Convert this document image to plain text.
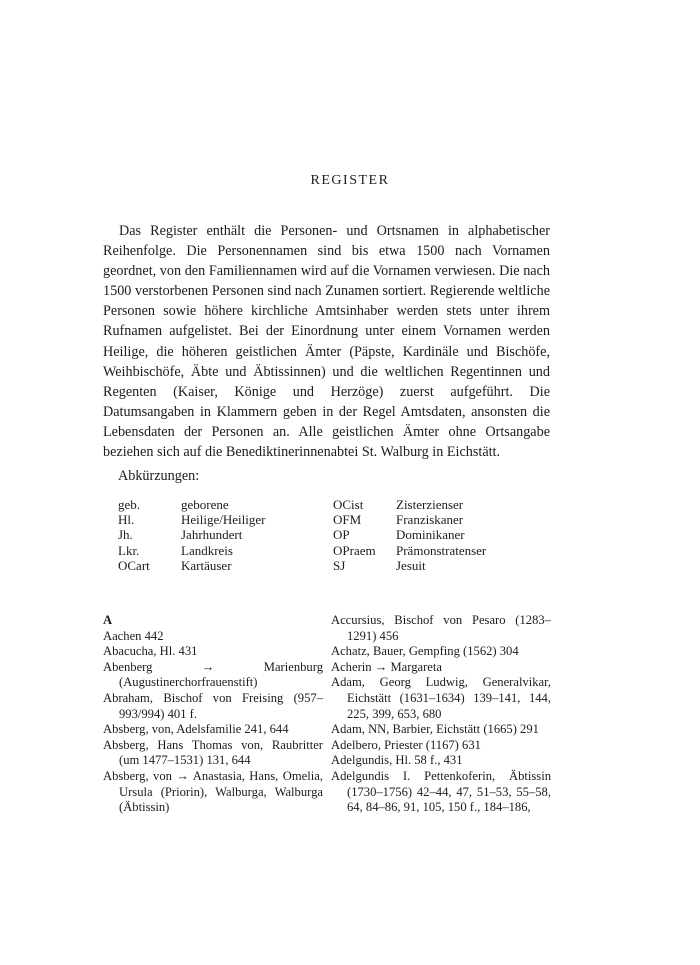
REGISTER

Das Register enthält die Personen- und Ortsnamen in alphabetischer Reihenfolge. Die Personennamen sind bis etwa 1500 nach Vornamen geordnet, von den Familiennamen wird auf die Vornamen verwiesen. Die nach 1500 verstorbenen Personen sind nach Zunamen sortiert. Regierende weltliche Personen sowie höhere kirchliche Amtsinhaber werden stets unter ihrem Rufnamen aufgelistet. Bei der Einordnung unter einem Vornamen werden Heilige, die höheren geistlichen Ämter (Päpste, Kardinäle und Bischöfe, Weihbischöfe, Äbte und Äbtissinnen) und die weltlichen Regentinnen und Regenten (Kaiser, Könige und Herzöge) zuerst aufgeführt. Die Datumsangaben in Klammern geben in der Regel Amtsdaten, ansonsten die Lebensdaten der Personen an. Alle geistlichen Ämter ohne Ortsangabe beziehen sich auf die Benediktinerinnenabtei St. Walburg in Eichstätt.

Abkürzungen:
geb.	geborene	OCist	Zisterzienser
Hl.	Heilige/Heiliger	OFM	Franziskaner
Jh.	Jahrhundert	OP	Dominikaner
Lkr.	Landkreis	OPraem Prämonstratenser
OCart Kartäuser	SJ	Jesuit
A
Aachen 442
Abacucha, Hl. 431
Abenberg → Marienburg (Augustinerchorfrauenstift)
Abraham, Bischof von Freising (957–993/994) 401 f.
Absberg, von, Adelsfamilie 241, 644
Absberg, Hans Thomas von, Raubritter (um 1477–1531) 131, 644
Absberg, von → Anastasia, Hans, Omelia, Ursula (Priorin), Walburga, Walburga (Äbtissin)
Accursius, Bischof von Pesaro (1283–1291) 456
Achatz, Bauer, Gempfing (1562) 304
Acherin → Margareta
Adam, Georg Ludwig, Generalvikar, Eichstätt (1631–1634) 139–141, 144, 225, 399, 653, 680
Adam, NN, Barbier, Eichstätt (1665) 291
Adelbero, Priester (1167) 631
Adelgundis, Hl. 58 f., 431
Adelgundis I. Pettenkoferin, Äbtissin (1730–1756) 42–44, 47, 51–53, 55–58, 64, 84–86, 91, 105, 150 f., 184–186,
